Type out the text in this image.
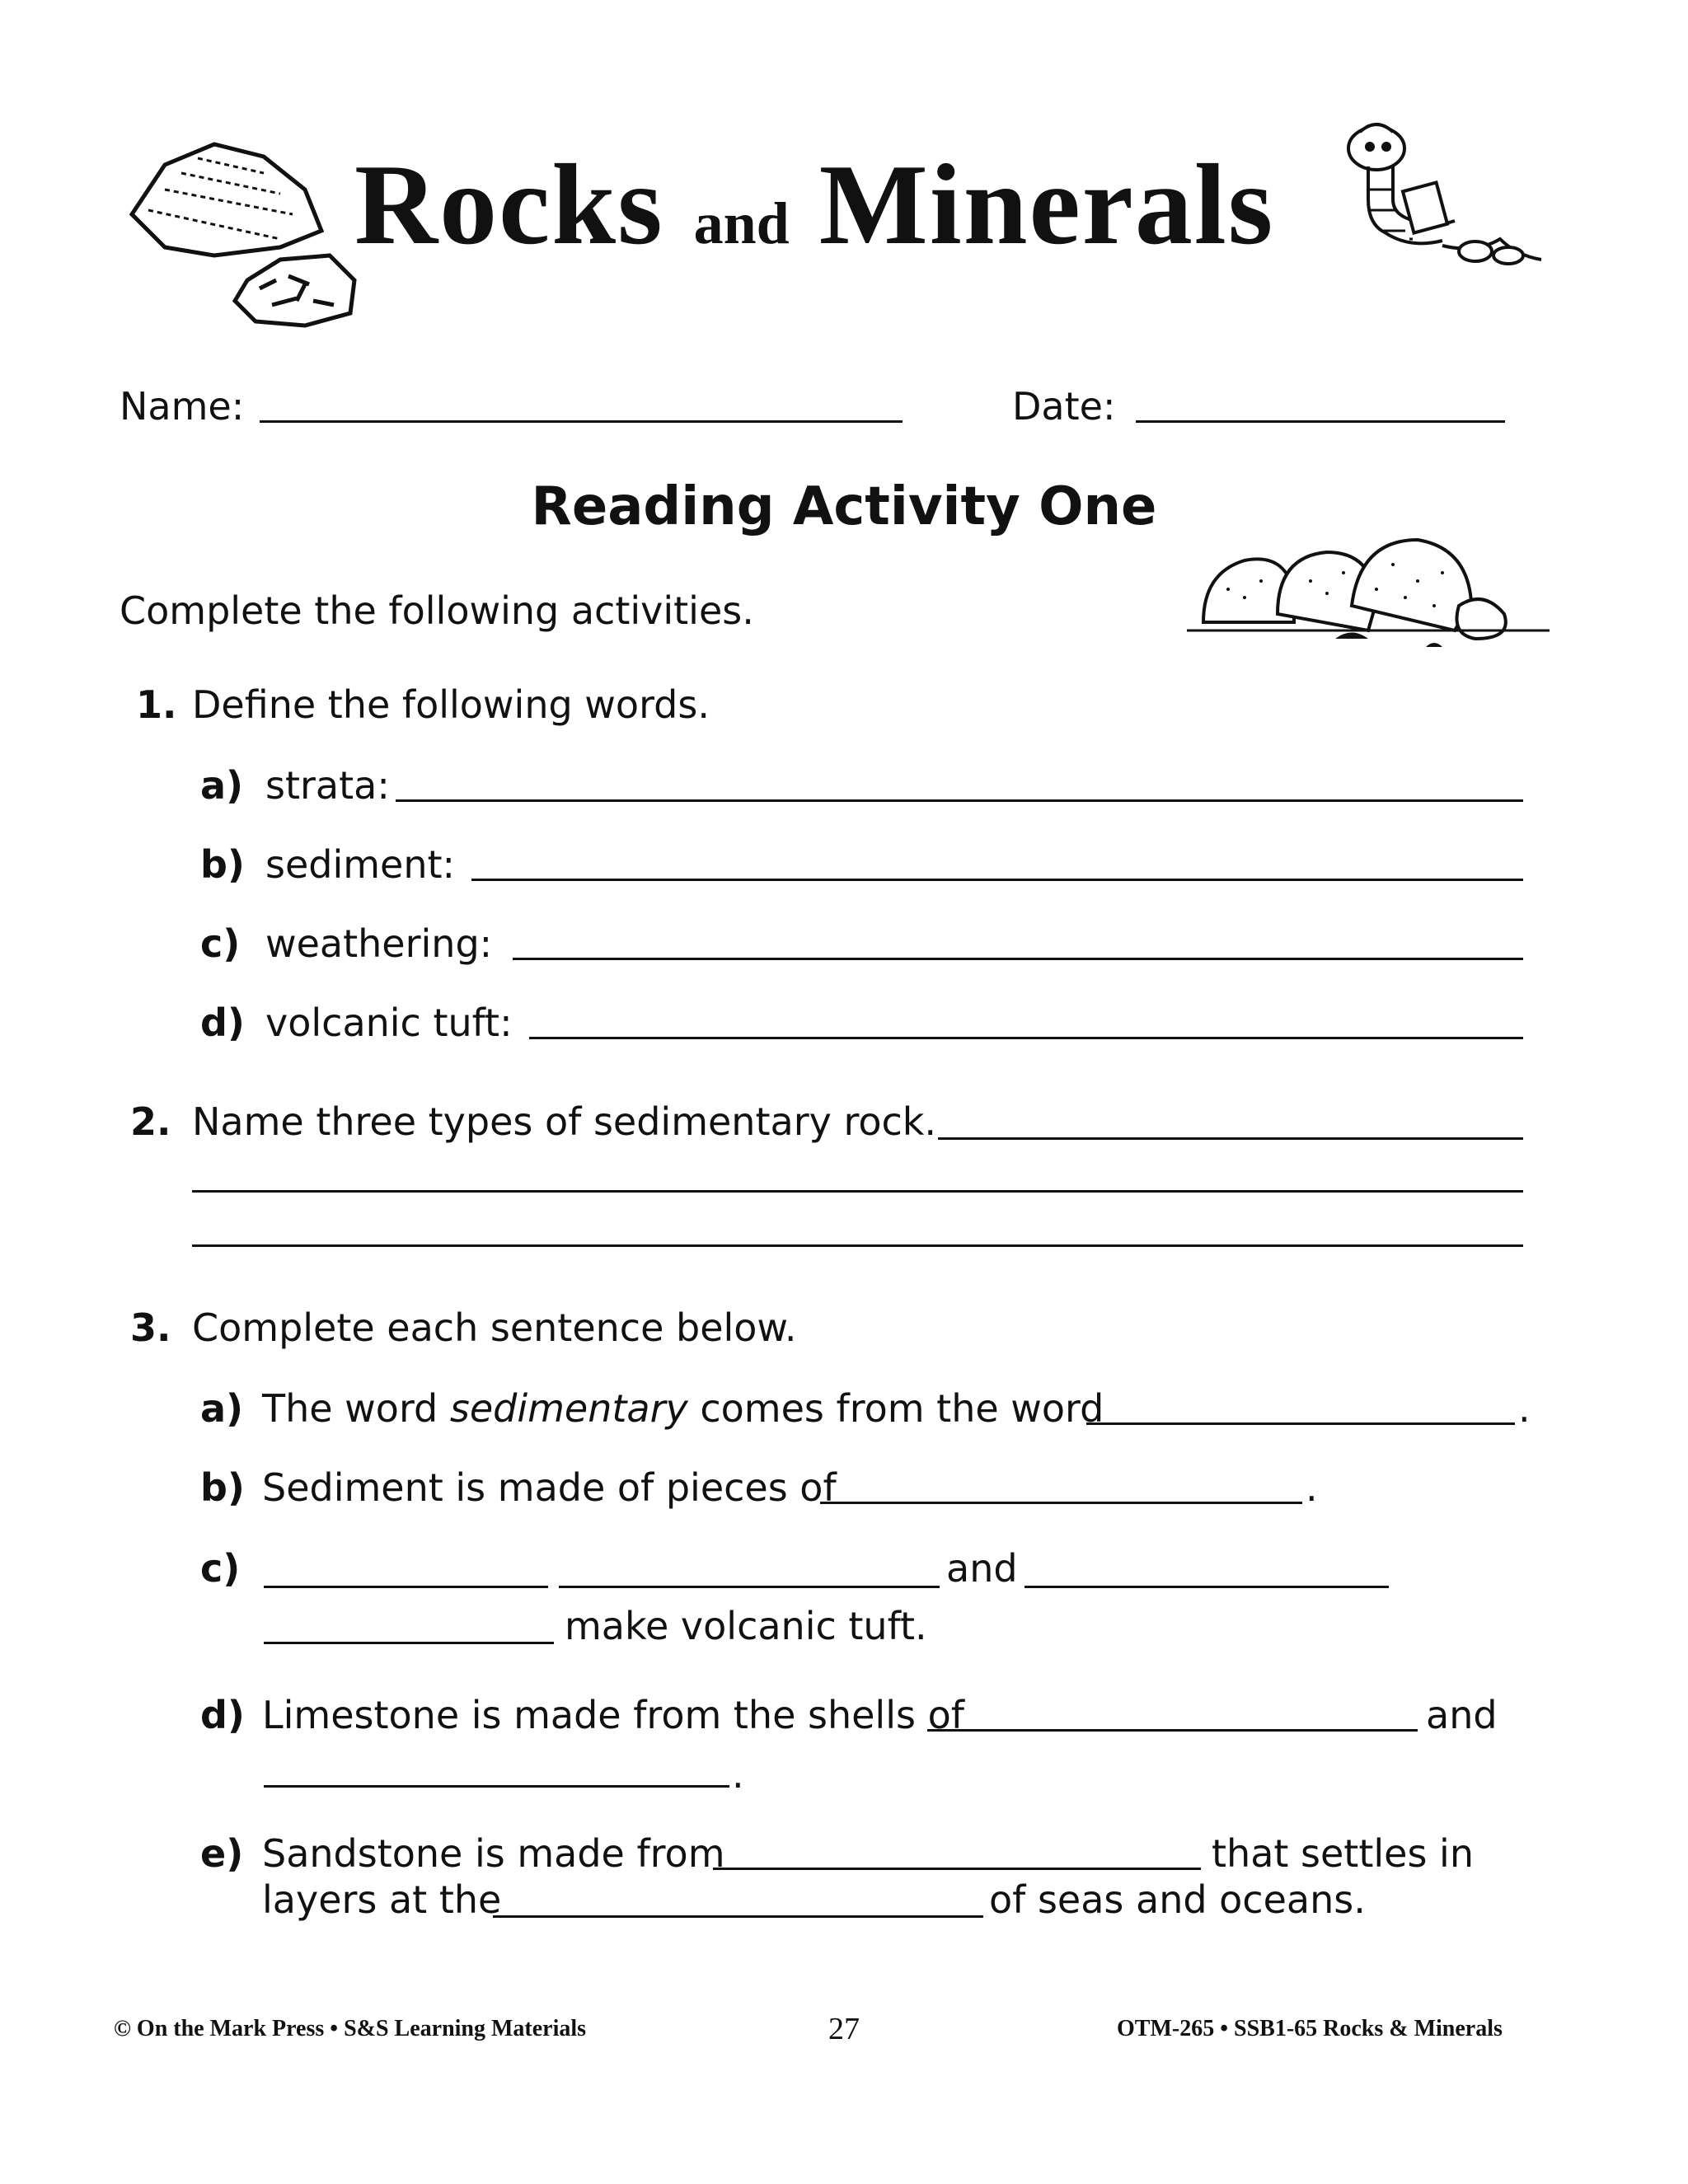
Rocks and Minerals
Name:	Date:
Reading Activity One
Complete the following activities.
1. Define the following words.
a) strata:
b) sediment:
c) weathering:
d) volcanic tuft:
2. Name three types of sedimentary rock.
3. Complete each sentence below.
a) The word sedimentary comes from the word	.
b) Sediment is made of pieces of	.
c)	and
make volcanic tuft.
d) Limestone is made from the shells of	and
.
e) Sandstone is made from	that settles in
layers at the	of seas and oceans.
© On the Mark Press • S&S Learning Materials	27	OTM-265 • SSB1-65 Rocks & Minerals
